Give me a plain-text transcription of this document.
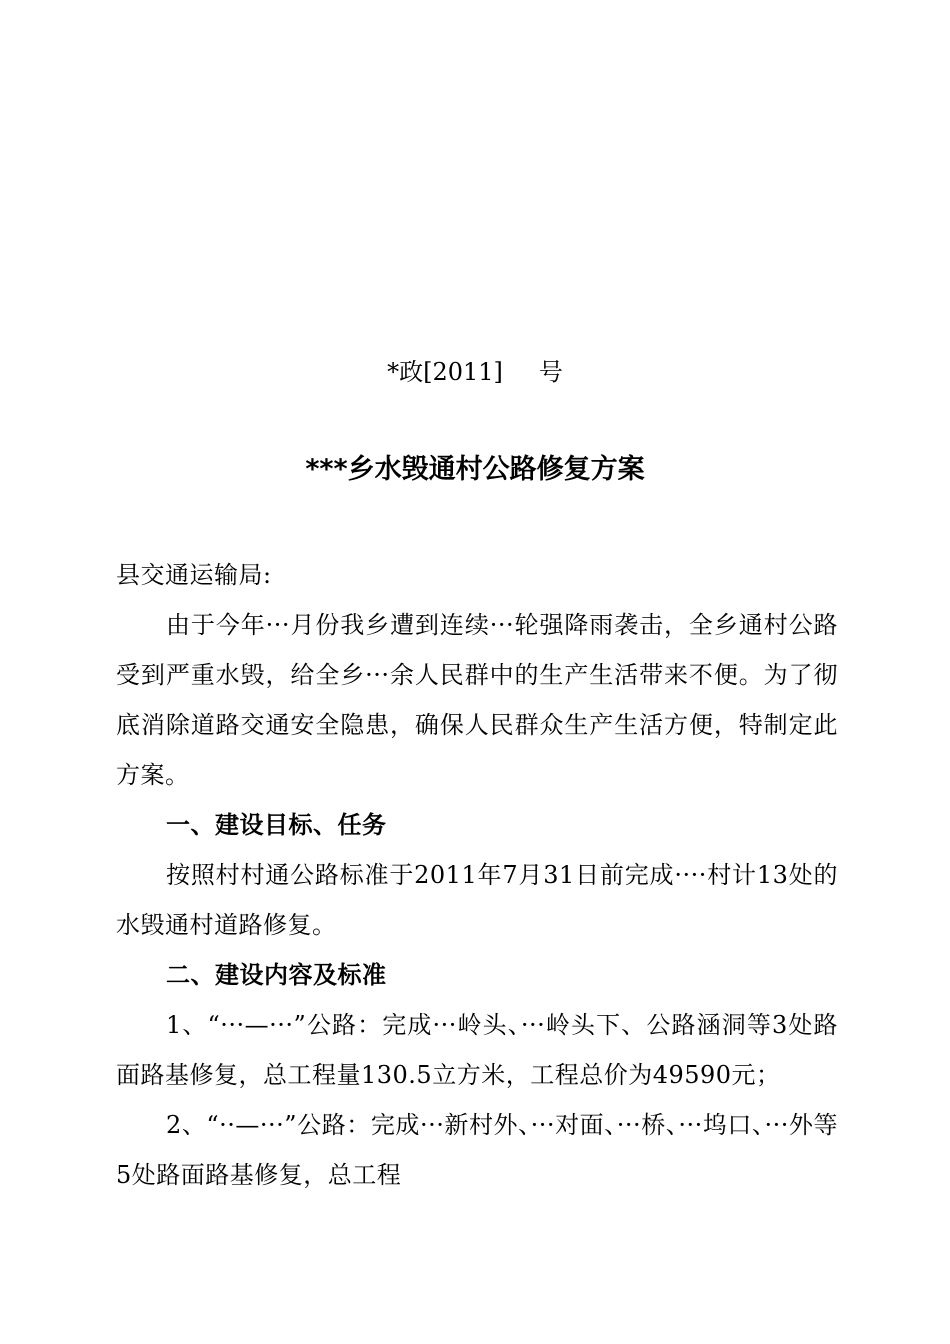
*政[2011] 号
***乡水毁通村公路修复方案

县交通运输局:

由于今年···月份我乡遭到连续···轮强降雨袭击，全乡通村公路受到严重水毁，给全乡···余人民群中的生产生活带来不便。为了彻底消除道路交通安全隐患，确保人民群众生产生活方便，特制定此方案。

一、建设目标、任务

按照村村通公路标准于2011年7月31日前完成····村计13处的水毁通村道路修复。

二、建设内容及标准

1、“···—···”公路：完成···岭头、···岭头下、公路涵洞等3处路面路基修复，总工程量130.5立方米，工程总价为49590元；

2、“··—···”公路：完成···新村外、···对面、···桥、···坞口、···外等5处路面路基修复，总工程
